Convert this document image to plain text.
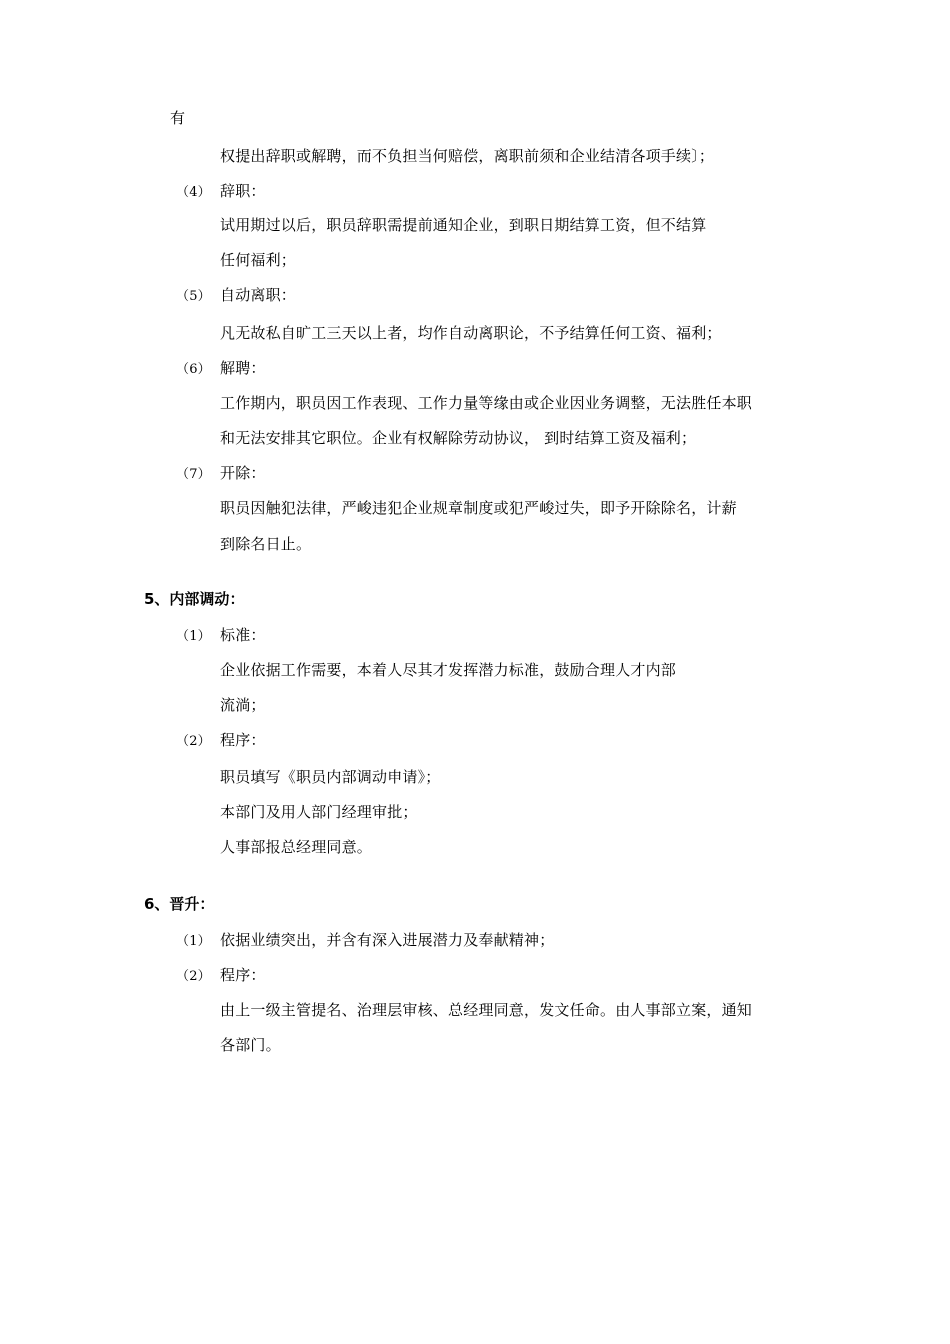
有
权提出辞职或解聘，而不负担当何赔偿，离职前须和企业结清各项手续〕；
（4） 辞职：
试用期过以后，职员辞职需提前通知企业，到职日期结算工资，但不结算
任何福利；
（5） 自动离职：
凡无故私自旷工三天以上者，均作自动离职论，不予结算任何工资、福利；
（6） 解聘：
工作期内，职员因工作表现、工作力量等缘由或企业因业务调整，无法胜任本职
和无法安排其它职位。企业有权解除劳动协议， 到时结算工资及福利；
（7） 开除：
职员因触犯法律，严峻违犯企业规章制度或犯严峻过失，即予开除除名，计薪
到除名日止。
5、内部调动：
（1） 标准：
企业依据工作需要，本着人尽其才发挥潜力标准，鼓励合理人才内部
流淌；
（2） 程序：
职员填写《职员内部调动申请》；
本部门及用人部门经理审批；
人事部报总经理同意。
6、晋升：
（1） 依据业绩突出，并含有深入进展潜力及奉献精神；
（2） 程序：
由上一级主管提名、治理层审核、总经理同意，发文任命。由人事部立案，通知
各部门。
